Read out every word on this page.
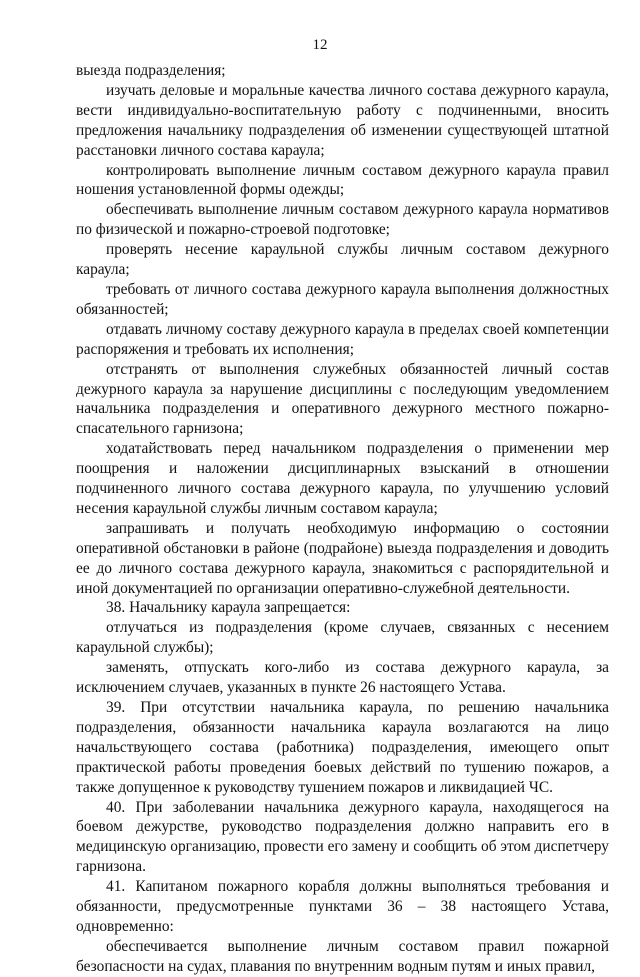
12

выезда подразделения;

изучать деловые и моральные качества личного состава дежурного караула, вести индивидуально-воспитательную работу с подчиненными, вносить предложения начальнику подразделения об изменении существующей штатной расстановки личного состава караула;

контролировать выполнение личным составом дежурного караула правил ношения установленной формы одежды;

обеспечивать выполнение личным составом дежурного караула нормативов по физической и пожарно-строевой подготовке;

проверять несение караульной службы личным составом дежурного караула;

требовать от личного состава дежурного караула выполнения должностных обязанностей;

отдавать личному составу дежурного караула в пределах своей компетенции распоряжения и требовать их исполнения;

отстранять от выполнения служебных обязанностей личный состав дежурного караула за нарушение дисциплины с последующим уведомлением начальника подразделения и оперативного дежурного местного пожарно-спасательного гарнизона;

ходатайствовать перед начальником подразделения о применении мер поощрения и наложении дисциплинарных взысканий в отношении подчиненного личного состава дежурного караула, по улучшению условий несения караульной службы личным составом караула;

запрашивать и получать необходимую информацию о состоянии оперативной обстановки в районе (подрайоне) выезда подразделения и доводить ее до личного состава дежурного караула, знакомиться с распорядительной и иной документацией по организации оперативно-служебной деятельности.

38. Начальнику караула запрещается:

отлучаться из подразделения (кроме случаев, связанных с несением караульной службы);

заменять, отпускать кого-либо из состава дежурного караула, за исключением случаев, указанных в пункте 26 настоящего Устава.

39. При отсутствии начальника караула, по решению начальника подразделения, обязанности начальника караула возлагаются на лицо начальствующего состава (работника) подразделения, имеющего опыт практической работы проведения боевых действий по тушению пожаров, а также допущенное к руководству тушением пожаров и ликвидацией ЧС.

40. При заболевании начальника дежурного караула, находящегося на боевом дежурстве, руководство подразделения должно направить его в медицинскую организацию, провести его замену и сообщить об этом диспетчеру гарнизона.

41. Капитаном пожарного корабля должны выполняться требования и обязанности, предусмотренные пунктами 36 – 38 настоящего Устава, одновременно:

обеспечивается выполнение личным составом правил пожарной безопасности на судах, плавания по внутренним водным путям и иных правил,
